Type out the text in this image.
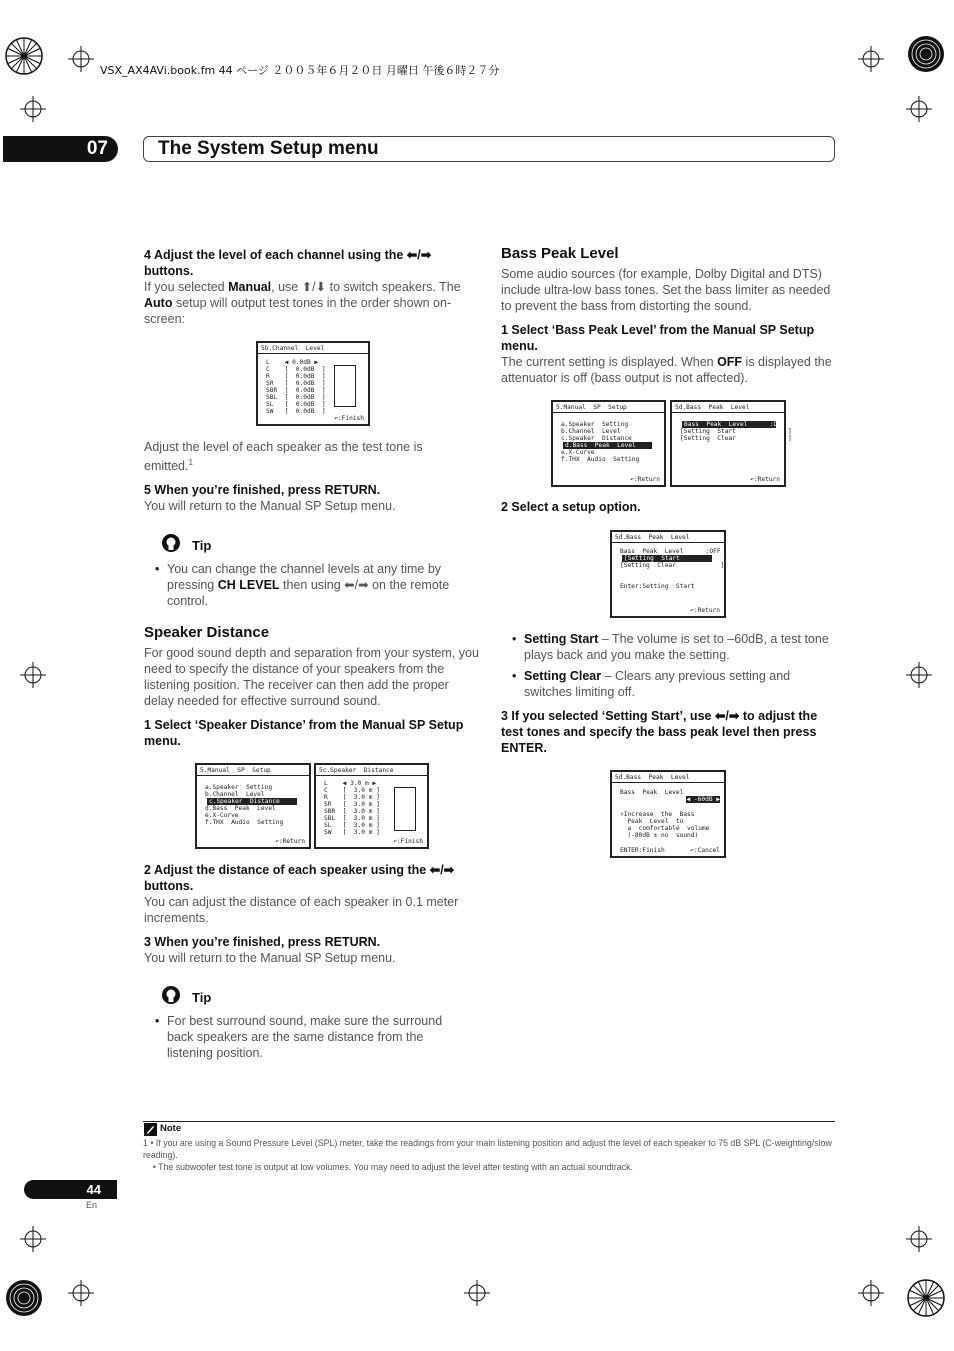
VSX_AX4AVi.book.fm 44 ページ ２００５年６月２０日 月曜日 午後６時２７分
07	The System Setup menu
4 Adjust the level of each channel using the ⬅/➡ buttons.
If you selected Manual, use ⬆/⬇ to switch speakers. The Auto setup will output test tones in the order shown on-screen:
5b.Channel  Level
L    ◀ 0.0dB ▶
C    [  0.0dB  ]
R    [  0.0dB  ]
SR   [  0.0dB  ]
SBR  [  0.0dB  ]
SBL  [  0.0dB  ]
SL   [  0.0dB  ]
SW   [  0.0dB  ]
↶:Finish
Adjust the level of each speaker as the test tone is emitted.$^1$
5 When you’re finished, press RETURN.
You will return to the Manual SP Setup menu.
Tip
• You can change the channel levels at any time by pressing CH LEVEL then using ⬅/➡ on the remote control.
Speaker Distance
For good sound depth and separation from your system, you need to specify the distance of your speakers from the listening position. The receiver can then add the proper delay needed for effective surround sound.
1 Select ‘Speaker Distance’ from the Manual SP Setup menu.
5.Manual  SP  Setup
a.Speaker  Setting
b.Channel  Level
c.Speaker  Distance
d.Bass  Peak  Level
e.X-Curve
f.THX  Audio  Setting
↶:Return
5c.Speaker  Distance
L    ◀ 3.0 m ▶
C    [  3.0 m ]
R    [  3.0 m ]
SR   [  3.0 m ]
SBR  [  3.0 m ]
SBL  [  3.0 m ]
SL   [  3.0 m ]
SW   [  3.0 m ]
↶:Finish
2 Adjust the distance of each speaker using the ⬅/➡ buttons.
You can adjust the distance of each speaker in 0.1 meter increments.
3 When you’re finished, press RETURN.
You will return to the Manual SP Setup menu.
Tip
• For best surround sound, make sure the surround back speakers are the same distance from the listening position.
Bass Peak Level
Some audio sources (for example, Dolby Digital and DTS) include ultra-low bass tones. Set the bass limiter as needed to prevent the bass from distorting the sound.
1 Select ‘Bass Peak Level’ from the Manual SP Setup menu.
The current setting is displayed. When OFF is displayed the attenuator is off (bass output is not affected).
5.Manual  SP  Setup
a.Speaker  Setting
b.Channel  Level
c.Speaker  Distance
d.Bass  Peak  Level
e.X-Curve
f.THX  Audio  Setting
↶:Return
5d.Bass  Peak  Level
Bass  Peak  Level      :OFF
[Setting  Start              ]
[Setting  Clear              ]
↶:Return
2 Select a setup option.
5d.Bass  Peak  Level
Bass  Peak  Level      :OFF
[Setting  Start            ]
[Setting  Clear            ]

Enter:Setting  Start
↶:Return
• Setting Start – The volume is set to –60dB, a test tone plays back and you make the setting.
• Setting Clear – Clears any previous setting and switches limiting off.
3 If you selected ‘Setting Start’, use ⬅/➡ to adjust the test tones and specify the bass peak level then press ENTER.
5d.Bass  Peak  Level
Bass  Peak  Level
◀ -60dB ▶
⇑Increase  the  Bass
Peak  Level  to
a  comfortable  volume
(-80dB ± no  sound)
ENTER:Finish	↶:Cancel
Note
1 • If you are using a Sound Pressure Level (SPL) meter, take the readings from your main listening position and adjust the level of each speaker to 75 dB SPL (C-weighting/slow reading).
• The subwoofer test tone is output at low volumes. You may need to adjust the level after testing with an actual soundtrack.
44
En
